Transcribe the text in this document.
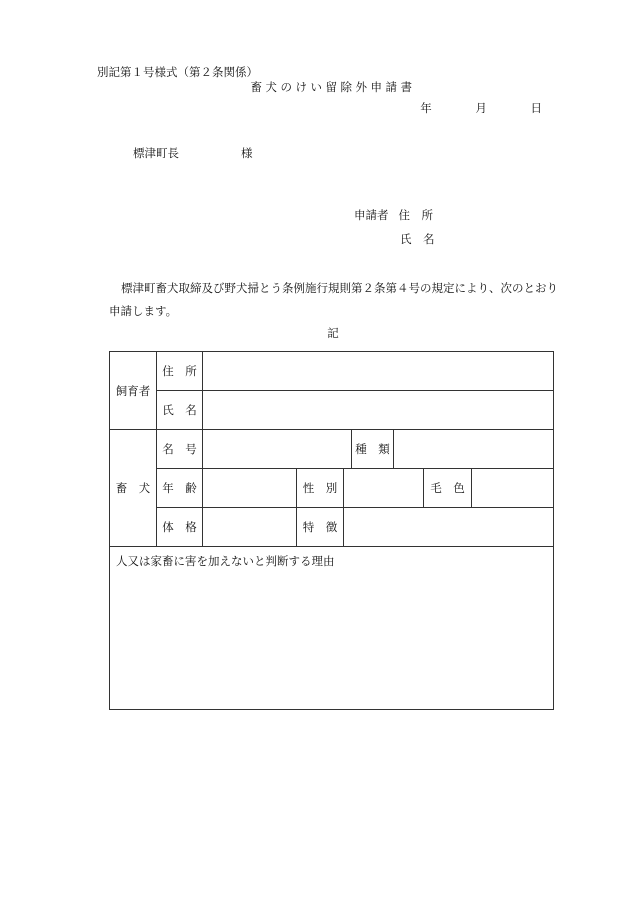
別記第１号様式（第２条関係）
畜犬のけい留除外申請書
年	月	日
標津町長	様
申請者 住　所
氏　名
標津町畜犬取締及び野犬掃とう条例施行規則第２条第４号の規定により、次のとおり申請します。
記
飼育者	住　所							
	氏　名							
畜　犬	名　号				種　類			
	年　齢		性　別				毛　色	
	体　格		特　徴					
人又は家畜に害を加えないと判断する理由								
